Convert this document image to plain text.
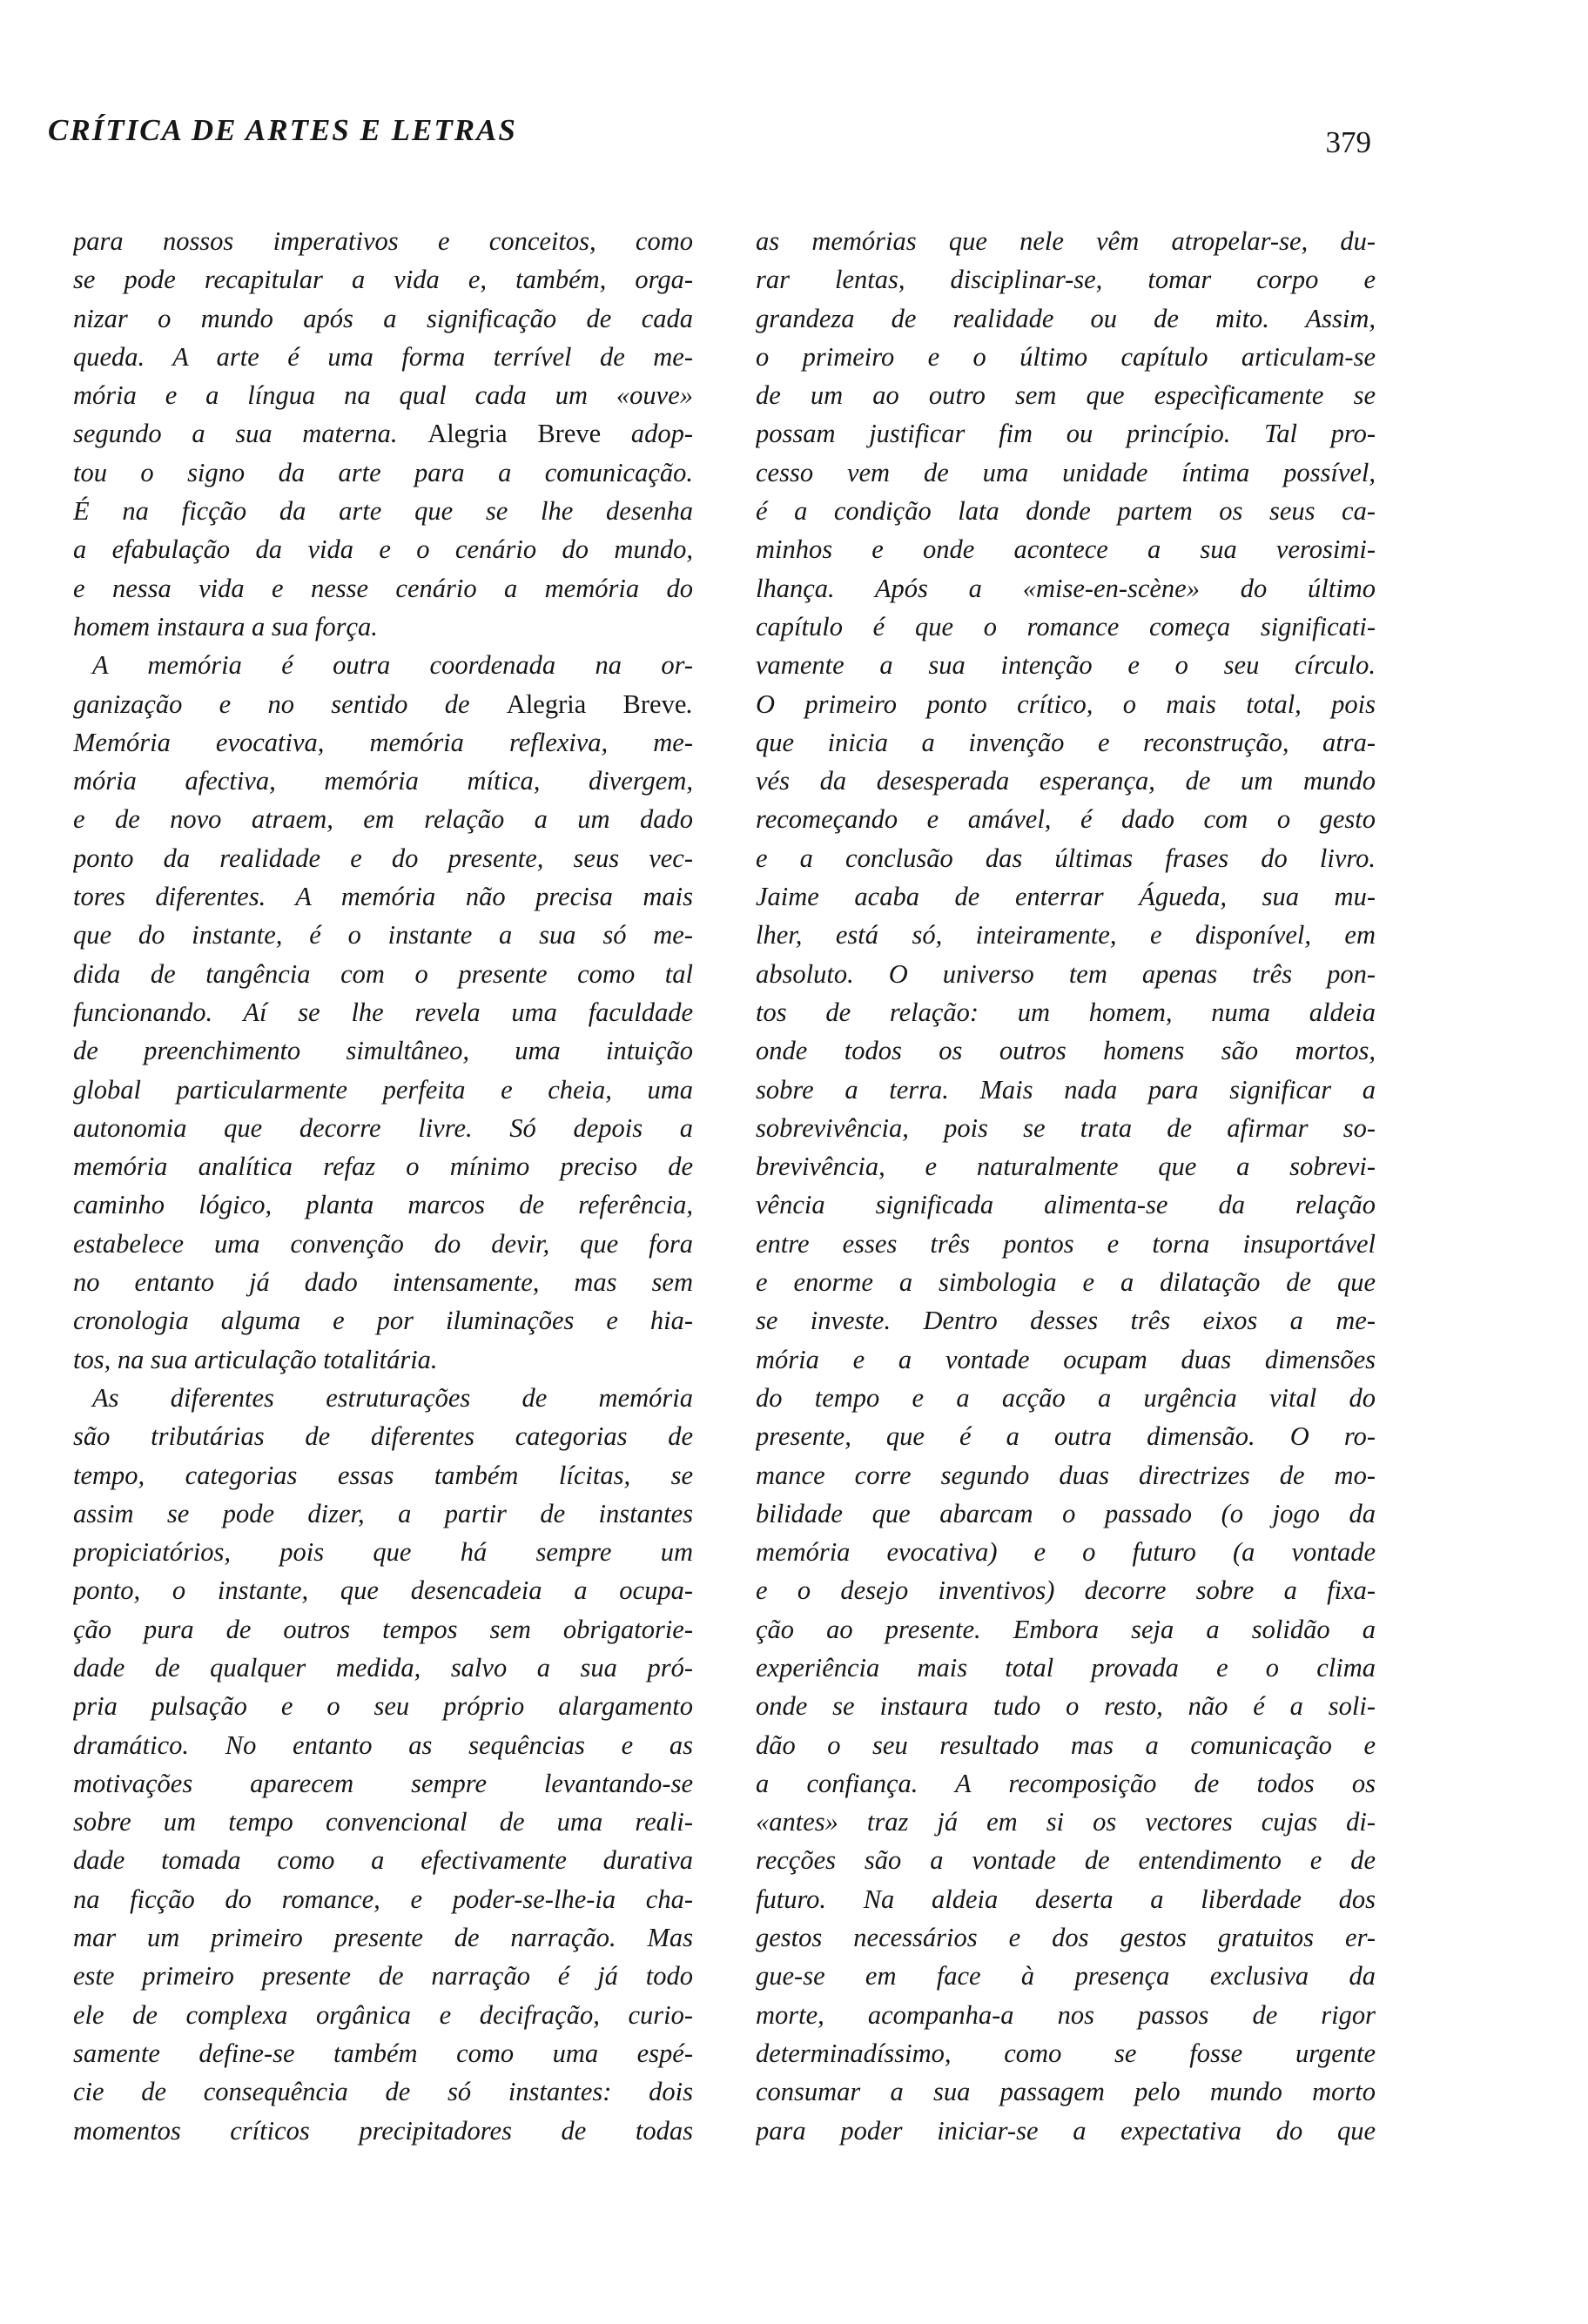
CRÍTICA DE ARTES E LETRAS	379
para nossos imperativos e conceitos, como
se pode recapitular a vida e, também, orga-
nizar o mundo após a significação de cada
queda. A arte é uma forma terrível de me-
mória e a língua na qual cada um «ouve»
segundo a sua materna. Alegria Breve adop-
tou o signo da arte para a comunicação.
É na ficção da arte que se lhe desenha
a efabulação da vida e o cenário do mundo,
e nessa vida e nesse cenário a memória do
homem instaura a sua força.
A memória é outra coordenada na or-
ganização e no sentido de Alegria Breve.
Memória evocativa, memória reflexiva, me-
mória afectiva, memória mítica, divergem,
e de novo atraem, em relação a um dado
ponto da realidade e do presente, seus vec-
tores diferentes. A memória não precisa mais
que do instante, é o instante a sua só me-
dida de tangência com o presente como tal
funcionando. Aí se lhe revela uma faculdade
de preenchimento simultâneo, uma intuição
global particularmente perfeita e cheia, uma
autonomia que decorre livre. Só depois a
memória analítica refaz o mínimo preciso de
caminho lógico, planta marcos de referência,
estabelece uma convenção do devir, que fora
no entanto já dado intensamente, mas sem
cronologia alguma e por iluminações e hia-
tos, na sua articulação totalitária.
As diferentes estruturações de memória
são tributárias de diferentes categorias de
tempo, categorias essas também lícitas, se
assim se pode dizer, a partir de instantes
propiciatórios, pois que há sempre um
ponto, o instante, que desencadeia a ocupa-
ção pura de outros tempos sem obrigatorie-
dade de qualquer medida, salvo a sua pró-
pria pulsação e o seu próprio alargamento
dramático. No entanto as sequências e as
motivações aparecem sempre levantando-se
sobre um tempo convencional de uma reali-
dade tomada como a efectivamente durativa
na ficção do romance, e poder-se-lhe-ia cha-
mar um primeiro presente de narração. Mas
este primeiro presente de narração é já todo
ele de complexa orgânica e decifração, curio-
samente define-se também como uma espé-
cie de consequência de só instantes: dois
momentos críticos precipitadores de todas
as memórias que nele vêm atropelar-se, du-
rar lentas, disciplinar-se, tomar corpo e
grandeza de realidade ou de mito. Assim,
o primeiro e o último capítulo articulam-se
de um ao outro sem que especìficamente se
possam justificar fim ou princípio. Tal pro-
cesso vem de uma unidade íntima possível,
é a condição lata donde partem os seus ca-
minhos e onde acontece a sua verosimi-
lhança. Após a «mise-en-scène» do último
capítulo é que o romance começa significati-
vamente a sua intenção e o seu círculo.
O primeiro ponto crítico, o mais total, pois
que inicia a invenção e reconstrução, atra-
vés da desesperada esperança, de um mundo
recomeçando e amável, é dado com o gesto
e a conclusão das últimas frases do livro.
Jaime acaba de enterrar Águeda, sua mu-
lher, está só, inteiramente, e disponível, em
absoluto. O universo tem apenas três pon-
tos de relação: um homem, numa aldeia
onde todos os outros homens são mortos,
sobre a terra. Mais nada para significar a
sobrevivência, pois se trata de afirmar so-
brevivência, e naturalmente que a sobrevi-
vência significada alimenta-se da relação
entre esses três pontos e torna insuportável
e enorme a simbologia e a dilatação de que
se investe. Dentro desses três eixos a me-
mória e a vontade ocupam duas dimensões
do tempo e a acção a urgência vital do
presente, que é a outra dimensão. O ro-
mance corre segundo duas directrizes de mo-
bilidade que abarcam o passado (o jogo da
memória evocativa) e o futuro (a vontade
e o desejo inventivos) decorre sobre a fixa-
ção ao presente. Embora seja a solidão a
experiência mais total provada e o clima
onde se instaura tudo o resto, não é a soli-
dão o seu resultado mas a comunicação e
a confiança. A recomposição de todos os
«antes» traz já em si os vectores cujas di-
recções são a vontade de entendimento e de
futuro. Na aldeia deserta a liberdade dos
gestos necessários e dos gestos gratuitos er-
gue-se em face à presença exclusiva da
morte, acompanha-a nos passos de rigor
determinadíssimo, como se fosse urgente
consumar a sua passagem pelo mundo morto
para poder iniciar-se a expectativa do que
